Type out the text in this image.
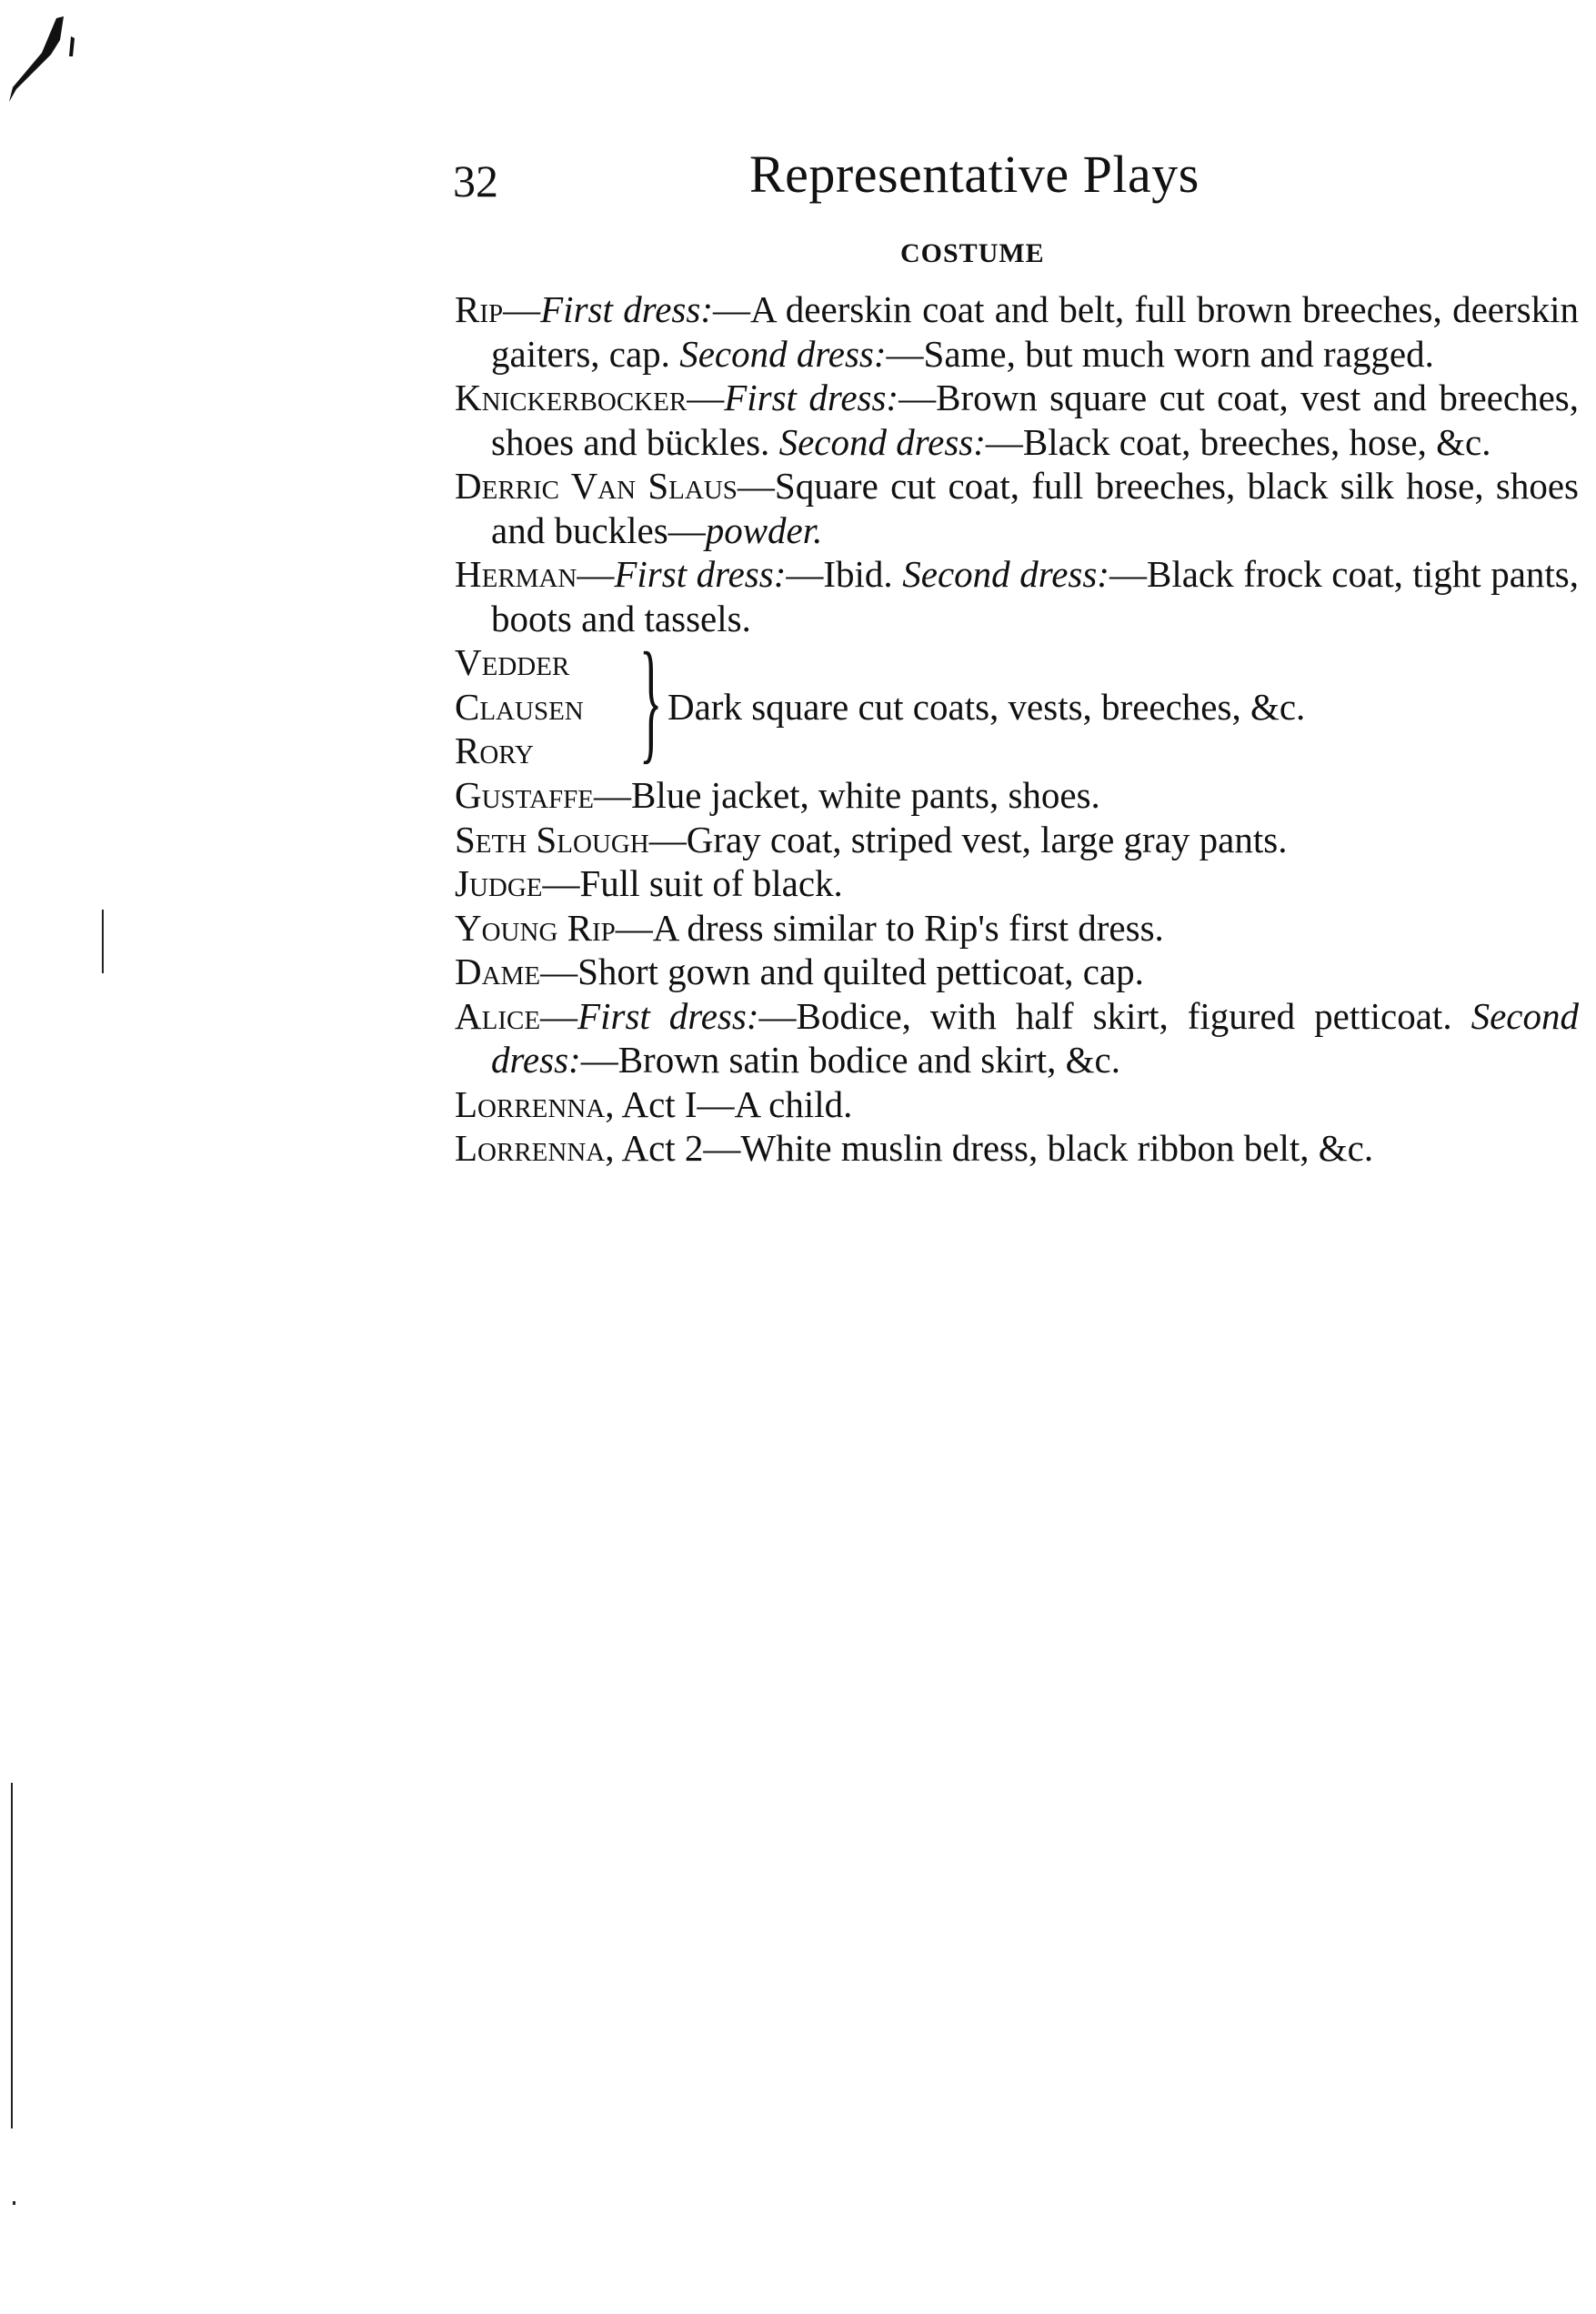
32	Representative Plays
COSTUME
Rip—First dress:—A deerskin coat and belt, full brown breeches, deerskin gaiters, cap. Second dress:—Same, but much worn and ragged.
Knickerbocker—First dress:—Brown square cut coat, vest and breeches, shoes and bückles. Second dress:—Black coat, breeches, hose, &c.
Derric Van Slaus—Square cut coat, full breeches, black silk hose, shoes and buckles—powder.
Herman—First dress:—Ibid. Second dress:—Black frock coat, tight pants, boots and tassels.
Vedder
Clausen
Rory } Dark square cut coats, vests, breeches, &c.
Gustaffe—Blue jacket, white pants, shoes.
Seth Slough—Gray coat, striped vest, large gray pants.
Judge—Full suit of black.
Young Rip—A dress similar to Rip's first dress.
Dame—Short gown and quilted petticoat, cap.
Alice—First dress:—Bodice, with half skirt, figured petticoat. Second dress:—Brown satin bodice and skirt, &c.
Lorrenna, Act I—A child.
Lorrenna, Act 2—White muslin dress, black ribbon belt, &c.
